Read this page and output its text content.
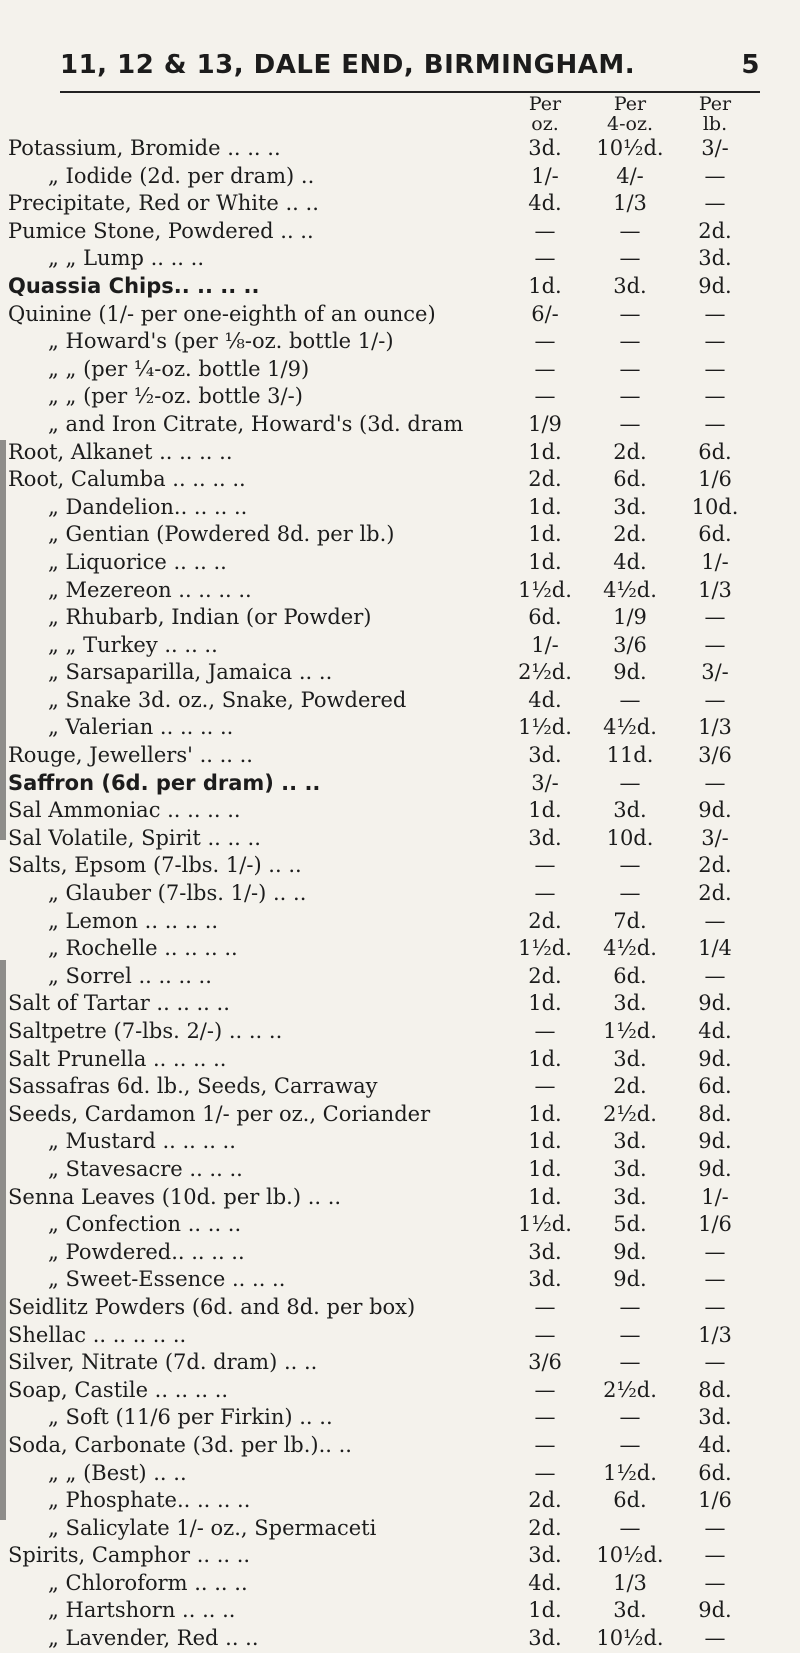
11, 12 & 13, DALE END, BIRMINGHAM.	5
Per
oz.
Per
4-oz.
Per
lb.
Potassium, Bromide .. .. ..	3d.	10½d.	3/-
„ Iodide (2d. per dram) ..	1/-	4/-	—
Precipitate, Red or White .. ..	4d.	1/3	—
Pumice Stone, Powdered .. ..	—	—	2d.
„ „ Lump .. .. ..	—	—	3d.
Quassia Chips.. .. .. ..	1d.	3d.	9d.
Quinine (1/- per one-eighth of an ounce)	6/-	—	—
„ Howard's (per ⅛-oz. bottle 1/-)	—	—	—
„ „ (per ¼-oz. bottle 1/9)	—	—	—
„ „ (per ½-oz. bottle 3/-)	—	—	—
„ and Iron Citrate, Howard's (3d. dram	1/9	—	—
Root, Alkanet .. .. .. ..	1d.	2d.	6d.
Root, Calumba .. .. .. ..	2d.	6d.	1/6
„ Dandelion.. .. .. ..	1d.	3d.	10d.
„ Gentian (Powdered 8d. per lb.)	1d.	2d.	6d.
„ Liquorice .. .. ..	1d.	4d.	1/-
„ Mezereon .. .. .. ..	1½d.	4½d.	1/3
„ Rhubarb, Indian (or Powder)	6d.	1/9	—
„ „ Turkey .. .. ..	1/-	3/6	—
„ Sarsaparilla, Jamaica .. ..	2½d.	9d.	3/-
„ Snake 3d. oz., Snake, Powdered	4d.	—	—
„ Valerian .. .. .. ..	1½d.	4½d.	1/3
Rouge, Jewellers' .. .. ..	3d.	11d.	3/6
Saffron (6d. per dram) .. ..	3/-	—	—
Sal Ammoniac .. .. .. ..	1d.	3d.	9d.
Sal Volatile, Spirit .. .. ..	3d.	10d.	3/-
Salts, Epsom (7-lbs. 1/-) .. ..	—	—	2d.
„ Glauber (7-lbs. 1/-) .. ..	—	—	2d.
„ Lemon .. .. .. ..	2d.	7d.	—
„ Rochelle .. .. .. ..	1½d.	4½d.	1/4
„ Sorrel .. .. .. ..	2d.	6d.	—
Salt of Tartar .. .. .. ..	1d.	3d.	9d.
Saltpetre (7-lbs. 2/-) .. .. ..	—	1½d.	4d.
Salt Prunella .. .. .. ..	1d.	3d.	9d.
Sassafras 6d. lb., Seeds, Carraway	—	2d.	6d.
Seeds, Cardamon 1/- per oz., Coriander	1d.	2½d.	8d.
„ Mustard .. .. .. ..	1d.	3d.	9d.
„ Stavesacre .. .. ..	1d.	3d.	9d.
Senna Leaves (10d. per lb.) .. ..	1d.	3d.	1/-
„ Confection .. .. ..	1½d.	5d.	1/6
„ Powdered.. .. .. ..	3d.	9d.	—
„ Sweet-Essence .. .. ..	3d.	9d.	—
Seidlitz Powders (6d. and 8d. per box)	—	—	—
Shellac .. .. .. .. ..	—	—	1/3
Silver, Nitrate (7d. dram) .. ..	3/6	—	—
Soap, Castile .. .. .. ..	—	2½d.	8d.
„ Soft (11/6 per Firkin) .. ..	—	—	3d.
Soda, Carbonate (3d. per lb.).. ..	—	—	4d.
„ „ (Best) .. ..	—	1½d.	6d.
„ Phosphate.. .. .. ..	2d.	6d.	1/6
„ Salicylate 1/- oz., Spermaceti	2d.	—	—
Spirits, Camphor .. .. ..	3d.	10½d.	—
„ Chloroform .. .. ..	4d.	1/3	—
„ Hartshorn .. .. ..	1d.	3d.	9d.
„ Lavender, Red .. ..	3d.	10½d.	—
